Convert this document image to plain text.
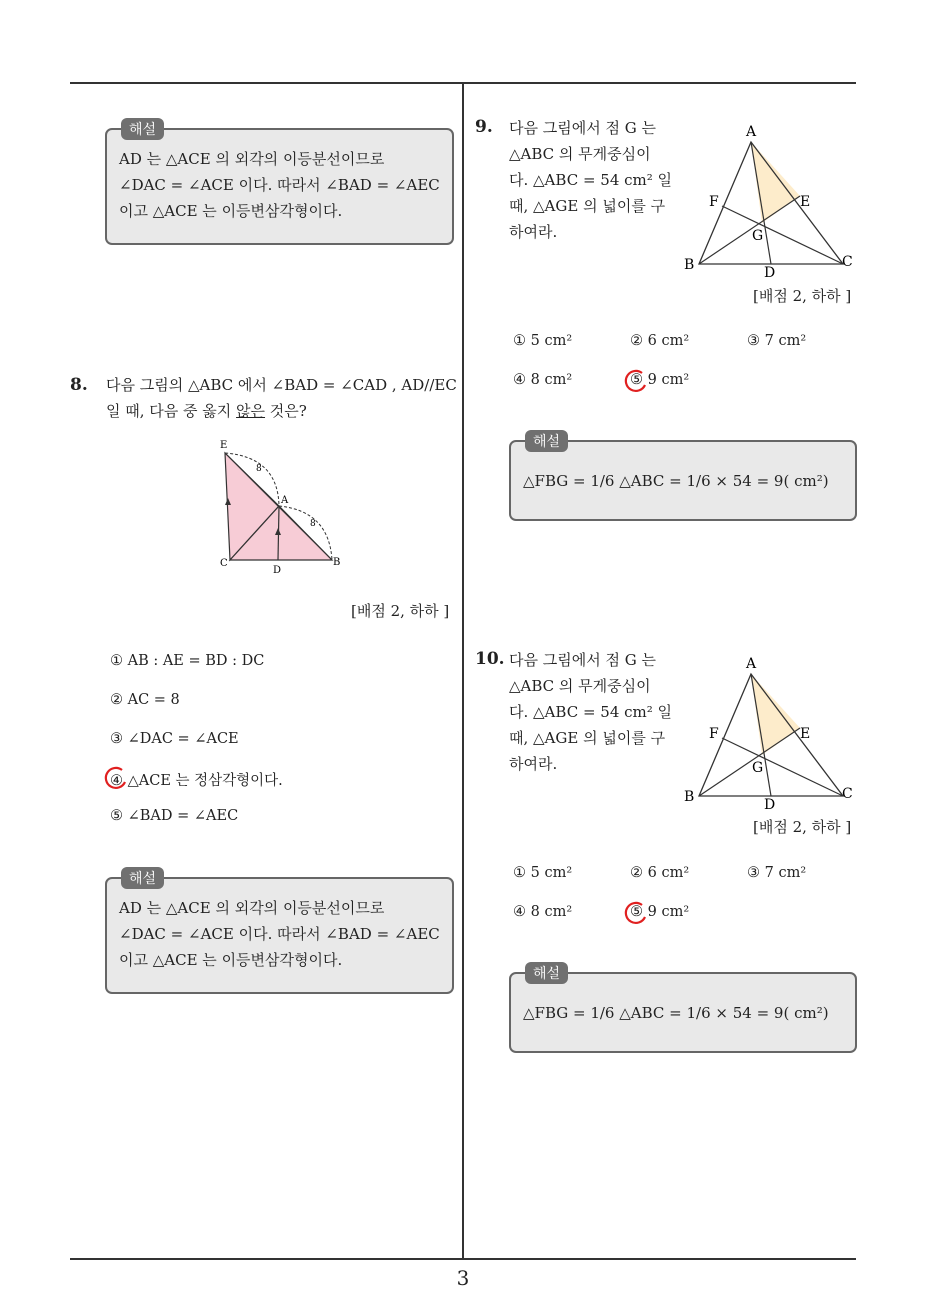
3
해설
AD 는 △ACE 의 외각의 이등분선이므로
∠DAC = ∠ACE 이다. 따라서 ∠BAD = ∠AEC
이고 △ACE 는 이등변삼각형이다.
8. 다음 그림의 △ABC 에서 ∠BAD = ∠CAD , AD//EC
일 때, 다음 중 옳지 않은 것은?
E
A
C
D
B
8
8
[배점 2, 하하 ]
① AB : AE = BD : DC
② AC = 8
③ ∠DAC = ∠ACE
④ △ACE 는 정삼각형이다.
⑤ ∠BAD = ∠AEC
해설
AD 는 △ACE 의 외각의 이등분선이므로
∠DAC = ∠ACE 이다. 따라서 ∠BAD = ∠AEC
이고 △ACE 는 이등변삼각형이다.
9. 다음 그림에서 점 G 는
△ABC 의 무게중심이
다. △ABC = 54 cm² 일
때, △AGE 의 넓이를 구
하여라.
A
B	C
D
E
F
G
[배점 2, 하하 ]
① 5 cm²	② 6 cm²	③ 7 cm²
④ 8 cm²	⑤ 9 cm²
해설
△FBG = 1/6 △ABC = 1/6 × 54 = 9( cm²)
10. 다음 그림에서 점 G 는
△ABC 의 무게중심이
다. △ABC = 54 cm² 일
때, △AGE 의 넓이를 구
하여라.
A
B	C
D
E
F
G
[배점 2, 하하 ]
① 5 cm²	② 6 cm²	③ 7 cm²
④ 8 cm²	⑤ 9 cm²
해설
△FBG = 1/6 △ABC = 1/6 × 54 = 9( cm²)
